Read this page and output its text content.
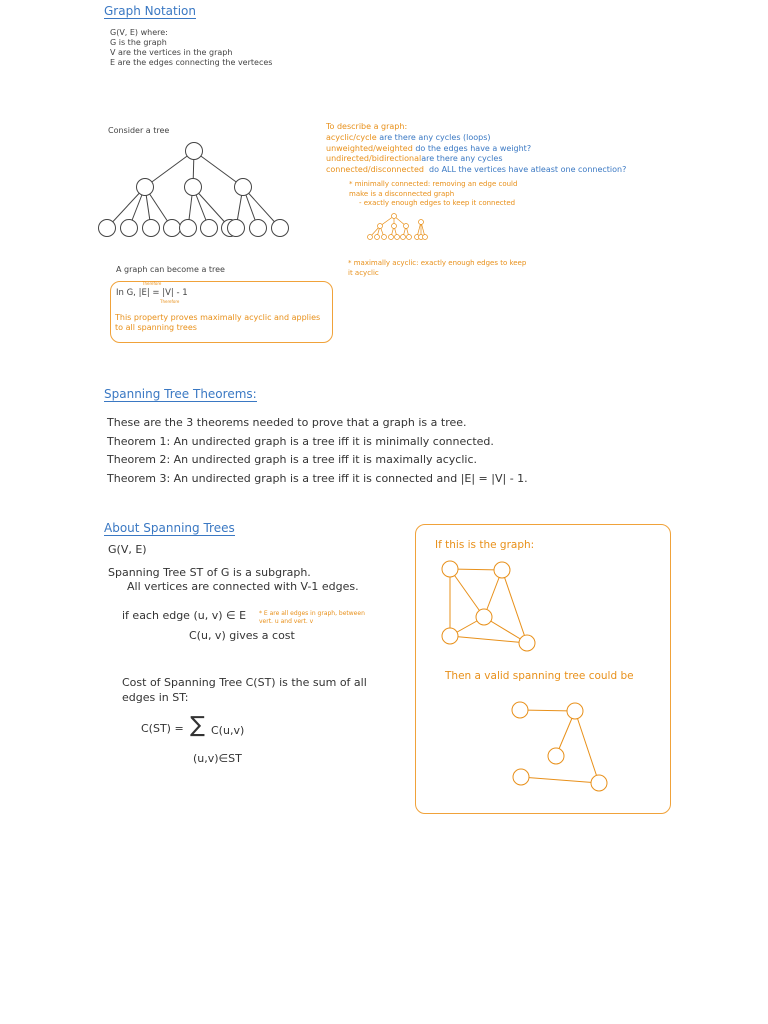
Graph Notation
G(V, E) where:
G is the graph
V are the vertices in the graph
E are the edges connecting the verteces
Consider a tree
A graph can become a tree
Therefore
In G, |E| = |V| - 1
Therefore
This property proves maximally acyclic and applies
to all spanning trees
To describe a graph:
acyclic/cycle are there any cycles (loops)
unweighted/weighted do the edges have a weight?
undirected/bidirectionalare there any cycles
connected/disconnected do ALL the vertices have atleast one connection?
* minimally connected: removing an edge could
make is a disconnected graph
- exactly enough edges to keep it connected
* maximally acyclic: exactly enough edges to keep
it acyclic
Spanning Tree Theorems:
These are the 3 theorems needed to prove that a graph is a tree.
Theorem 1: An undirected graph is a tree iff it is minimally connected.
Theorem 2: An undirected graph is a tree iff it is maximally acyclic.
Theorem 3: An undirected graph is a tree iff it is connected and |E| = |V| - 1.
About Spanning Trees
G(V, E)
Spanning Tree ST of G is a subgraph.
All vertices are connected with V-1 edges.
if each edge (u, v) ∈ E * E are all edges in graph, between
vert. u and vert. v
C(u, v) gives a cost
Cost of Spanning Tree C(ST) is the sum of all
edges in ST:
C(ST) = ∑ C(u,v)
(u,v)∈ST
If this is the graph:
Then a valid spanning tree could be
